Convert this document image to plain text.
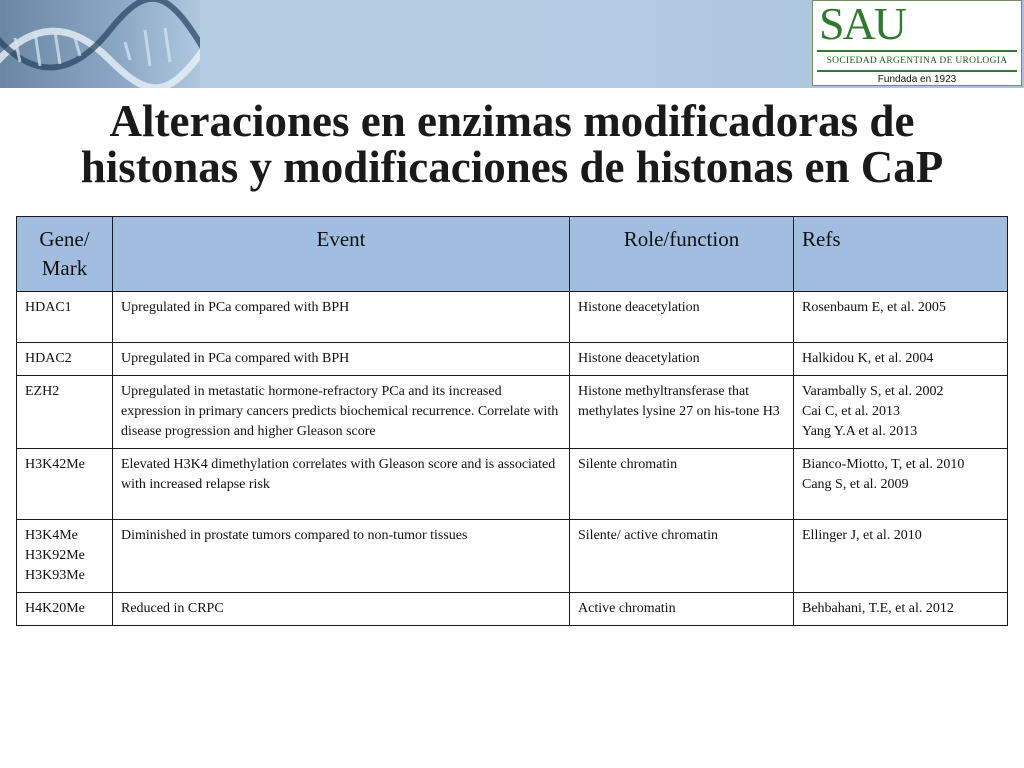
SAU
SOCIEDAD ARGENTINA DE UROLOGIA
Fundada en 1923
Alteraciones en enzimas modificadoras de
histonas y modificaciones de histonas en CaP
Gene/ Mark	Event	Role/function	Refs

HDAC1	Upregulated in PCa compared with BPH	Histone deacetylation	Rosenbaum E, et al. 2005

HDAC2	Upregulated in PCa compared with BPH	Histone deacetylation	Halkidou K, et al. 2004

EZH2	Upregulated in metastatic hormone-refractory PCa and its increased expression in primary cancers predicts biochemical recurrence. Correlate with disease progression and higher Gleason score	Histone methyltransferase that methylates lysine 27 on his-tone H3	Varambally S, et al. 2002
Cai C, et al. 2013
Yang Y.A et al. 2013

H3K42Me	Elevated H3K4 dimethylation correlates with Gleason score and is associated with increased relapse risk	Silente chromatin	Bianco-Miotto, T, et al. 2010
Cang S, et al. 2009

H3K4Me
H3K92Me
H3K93Me	Diminished in prostate tumors compared to non-tumor tissues	Silente/ active chromatin	Ellinger J, et al. 2010

H4K20Me	Reduced in CRPC	Active chromatin	Behbahani, T.E, et al. 2012
